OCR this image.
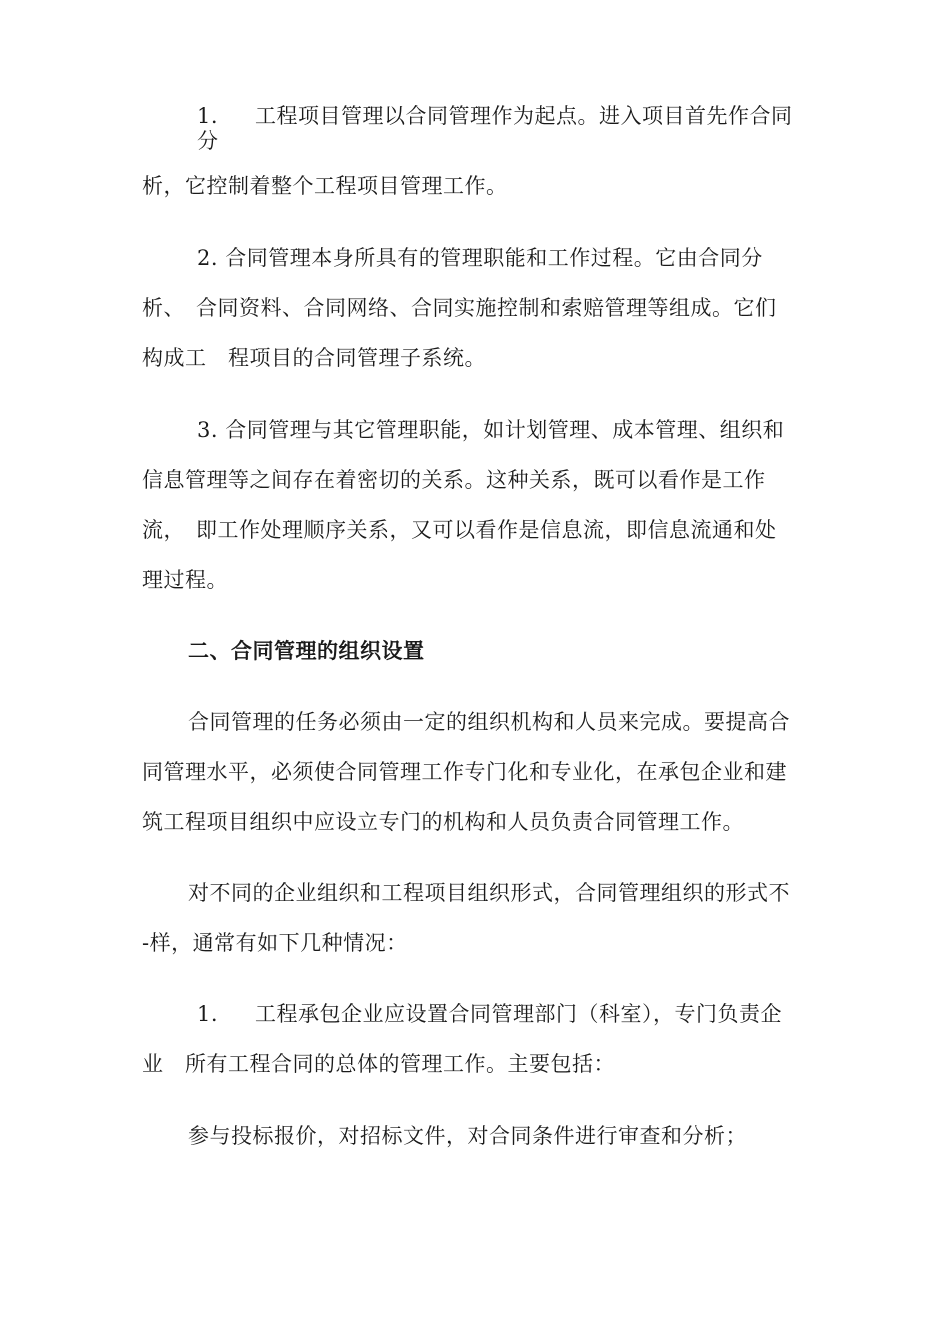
1. 工程项目管理以合同管理作为起点。进入项目首先作合同
分
析，它控制着整个工程项目管理工作。
2. 合同管理本身所具有的管理职能和工作过程。它由合同分
析、　合同资料、合同网络、合同实施控制和索赔管理等组成。它们
构成工　程项目的合同管理子系统。
3. 合同管理与其它管理职能，如计划管理、成本管理、组织和
信息管理等之间存在着密切的关系。这种关系，既可以看作是工作
流，　即工作处理顺序关系，又可以看作是信息流，即信息流通和处
理过程。
二、合同管理的组织设置
合同管理的任务必须由一定的组织机构和人员来完成。要提高合
同管理水平，必须使合同管理工作专门化和专业化，在承包企业和建
筑工程项目组织中应设立专门的机构和人员负责合同管理工作。
对不同的企业组织和工程项目组织形式，合同管理组织的形式不
-样，通常有如下几种情况：
1. 工程承包企业应设置合同管理部门（科室），专门负责企
业　所有工程合同的总体的管理工作。主要包括：
参与投标报价，对招标文件，对合同条件进行审查和分析；
